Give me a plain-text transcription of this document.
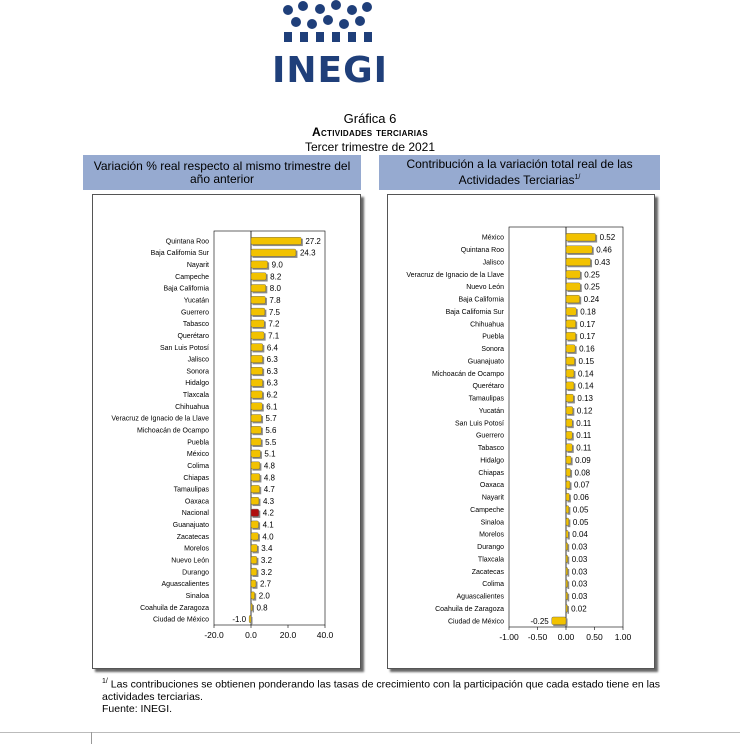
INEGI
Gráfica 6
Actividades terciarias
Tercer trimestre de 2021
Variación % real respecto al mismo trimestre del año anterior
Contribución a la variación total real de las Actividades Terciarias$^{1/}$
-20.0	0.0	20.0 40.0
Quintana Roo	27.2
Baja California Sur	24.3
Nayarit	9.0
Campeche	8.2
Baja California	8.0
Yucatán	7.8
Guerrero	7.5
Tabasco	7.2
Querétaro	7.1
San Luis Potosí	6.4
Jalisco	6.3
Sonora	6.3
Hidalgo	6.3
Tlaxcala	6.2
Chihuahua	6.1
Veracruz de Ignacio de la Llave	5.7
Michoacán de Ocampo	5.6
Puebla	5.5
México	5.1
Colima	4.8
Chiapas	4.8
Tamaulipas	4.7
Oaxaca	4.3
Nacional	4.2
Guanajuato	4.1
Zacatecas	4.0
Morelos	3.4
Nuevo León	3.2
Durango	3.2
Aguascalientes	2.7
Sinaloa	2.0
Coahuila de Zaragoza	0.8
Ciudad de México	-1.0
-1.00 -0.50 0.00 0.50 1.00
México	0.52
Quintana Roo	0.46
Jalisco	0.43
Veracruz de Ignacio de la Llave	0.25
Nuevo León	0.25
Baja California	0.24
Baja California Sur	0.18
Chihuahua	0.17
Puebla	0.17
Sonora	0.16
Guanajuato	0.15
Michoacán de Ocampo	0.14
Querétaro	0.14
Tamaulipas	0.13
Yucatán	0.12
San Luis Potosí	0.11
Guerrero	0.11
Tabasco	0.11
Hidalgo	0.09
Chiapas	0.08
Oaxaca	0.07
Nayarit	0.06
Campeche	0.05
Sinaloa	0.05
Morelos	0.04
Durango	0.03
Tlaxcala	0.03
Zacatecas	0.03
Colima	0.03
Aguascalientes	0.03
Coahuila de Zaragoza	0.02
Ciudad de México	-0.25
$^{1/}$ Las contribuciones se obtienen ponderando las tasas de crecimiento con la participación que cada estado tiene en las actividades terciarias.
Fuente: INEGI.
